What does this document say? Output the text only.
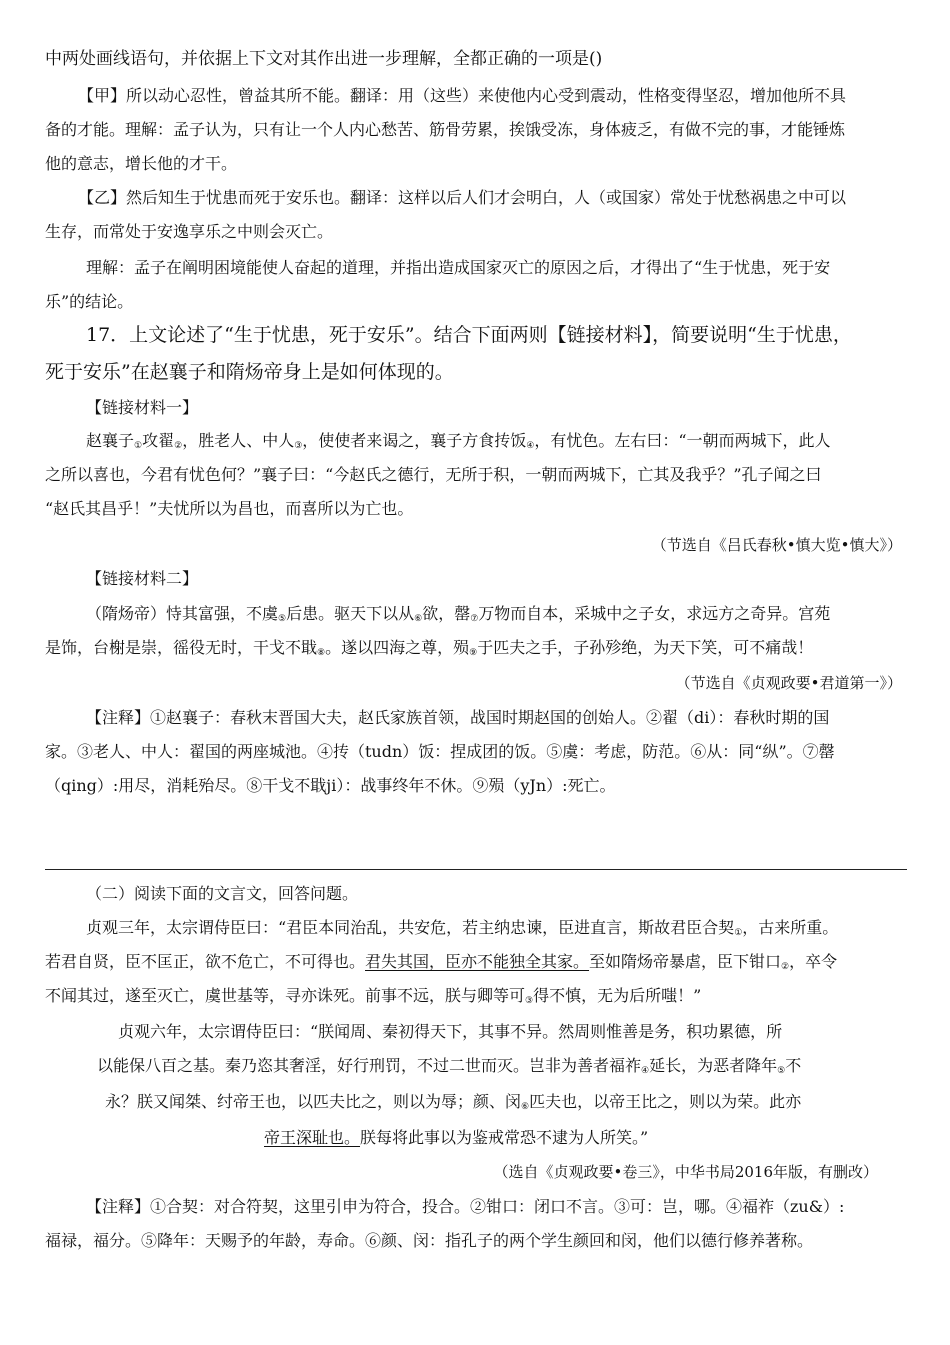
中两处画线语句，并依据上下文对其作出进一步理解，全都正确的一项是()
【甲】所以动心忍性，曾益其所不能。翻译：用（这些）来使他内心受到震动，性格变得坚忍，增加他所不具
备的才能。理解：孟子认为，只有让一个人内心愁苦、筋骨劳累，挨饿受冻，身体疲乏，有做不完的事，才能锤炼
他的意志，增长他的才干。
【乙】然后知生于忧患而死于安乐也。翻译：这样以后人们才会明白，人（或国家）常处于忧愁祸患之中可以
生存，而常处于安逸享乐之中则会灭亡。
理解：孟子在阐明困境能使人奋起的道理，并指出造成国家灭亡的原因之后，才得出了“生于忧患，死于安
乐”的结论。
17．上文论述了“生于忧患，死于安乐”。结合下面两则【链接材料】，简要说明“生于忧患，
死于安乐”在赵襄子和隋炀帝身上是如何体现的。
【链接材料一】
赵襄子$_①$攻翟$_②$，胜老人、中人$_③$，使使者来谒之，襄子方食抟饭$_④$，有忧色。左右曰：“一朝而两城下，此人
之所以喜也，今君有忧色何？”襄子曰：“今赵氏之德行，无所于积，一朝而两城下，亡其及我乎？”孔子闻之曰
“赵氏其昌乎！”夫忧所以为昌也，而喜所以为亡也。
（节选自《吕氏春秋•慎大览•慎大》）
【链接材料二】
（隋炀帝）恃其富强，不虞$_⑤$后患。驱天下以从$_⑥$欲，罄$_⑦$万物而自本，采城中之子女，求远方之奇异。宫苑
是饰，台榭是崇，徭役无时，干戈不戢$_⑧$。遂以四海之尊，殒$_⑨$于匹夫之手，子孙殄绝，为天下笑，可不痛哉！
（节选自《贞观政要•君道第一》）
【注释】①赵襄子：春秋末晋国大夫，赵氏家族首领，战国时期赵国的创始人。②翟（di）：春秋时期的国
家。③老人、中人：翟国的两座城池。④抟（tudn）饭：捏成团的饭。⑤虞：考虑，防范。⑥从：同“纵”。⑦罄
（qing）:用尽，消耗殆尽。⑧干戈不戢ji）：战事终年不休。⑨殒（yJn）:死亡。
（二）阅读下面的文言文，回答问题。
贞观三年，太宗谓侍臣曰：“君臣本同治乱，共安危，若主纳忠谏，臣进直言，斯故君臣合契$_①$，古来所重。
若君自贤，臣不匡正，欲不危亡，不可得也。君失其国，臣亦不能独全其家。至如隋炀帝暴虐，臣下钳口$_②$，卒令
不闻其过，遂至灭亡，虞世基等，寻亦诛死。前事不远，朕与卿等可$_③$得不慎，无为后所嗤！”
贞观六年，太宗谓侍臣曰：“朕闻周、秦初得天下，其事不异。然周则惟善是务，积功累德，所
以能保八百之基。秦乃恣其奢淫，好行刑罚，不过二世而灭。岂非为善者福祚$_④$延长，为恶者降年$_⑤$不
永？朕又闻桀、纣帝王也，以匹夫比之，则以为辱；颜、闵$_⑥$匹夫也，以帝王比之，则以为荣。此亦
帝王深耻也。朕每将此事以为鉴戒常恐不逮为人所笑。”
（选自《贞观政要•卷三》，中华书局2016年版，有删改）
【注释】①合契：对合符契，这里引申为符合，投合。②钳口：闭口不言。③可：岂，哪。④福祚（zu&）:
福禄，福分。⑤降年：天赐予的年龄，寿命。⑥颜、闵：指孔子的两个学生颜回和闵，他们以德行修养著称。
